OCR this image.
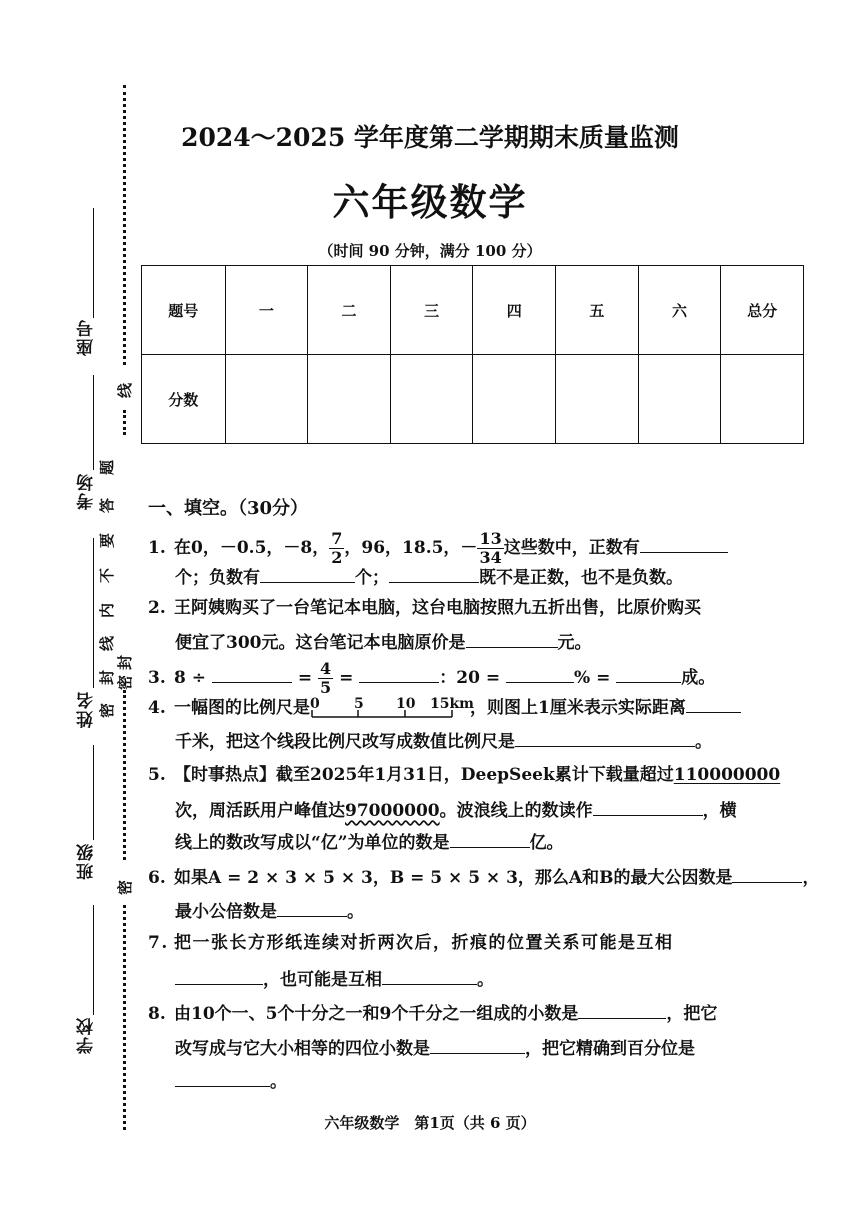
座号
考场
姓名
班级
学校
线
题
答
要
不
内
线
封
密
封
密
密
2024～2025 学年度第二学期期末质量监测
六年级数学
（时间 90 分钟，满分 100 分）
题号	一	二	三	四	五	六	总分
分数							
一、填空。（30分）
1. 在0，－0.5，－8， $\frac{7}{2}$ ，96，18.5，－ $\frac{13}{34}$ 这些数中，正数有
个；负数有	个；	既不是正数，也不是负数。
2. 王阿姨购买了一台笔记本电脑，这台电脑按照九五折出售，比原价购买
便宜了300元。这台笔记本电脑原价是	元。
3. 8 ÷	= $\frac{4}{5}$ =	：20 =	% =	成。
4. 一幅图的比例尺是 0 5 10 15km
，则图上1厘米表示实际距离
千米，把这个线段比例尺改写成数值比例尺是	。
5. 【时事热点】截至2025年1月31日，DeepSeek累计下载量超过110000000
次，周活跃用户峰值达97000000。波浪线上的数读作	，横
线上的数改写成以“亿”为单位的数是	亿。
6. 如果A = 2 × 3 × 5 × 3，B = 5 × 5 × 3，那么A和B的最大公因数是	，
最小公倍数是	。
7. 把一张长方形纸连续对折两次后，折痕的位置关系可能是互相
，也可能是互相	。
8. 由10个一、5个十分之一和9个千分之一组成的小数是	，把它
改写成与它大小相等的四位小数是	，把它精确到百分位是
。
六年级数学　第1页（共 6 页）
